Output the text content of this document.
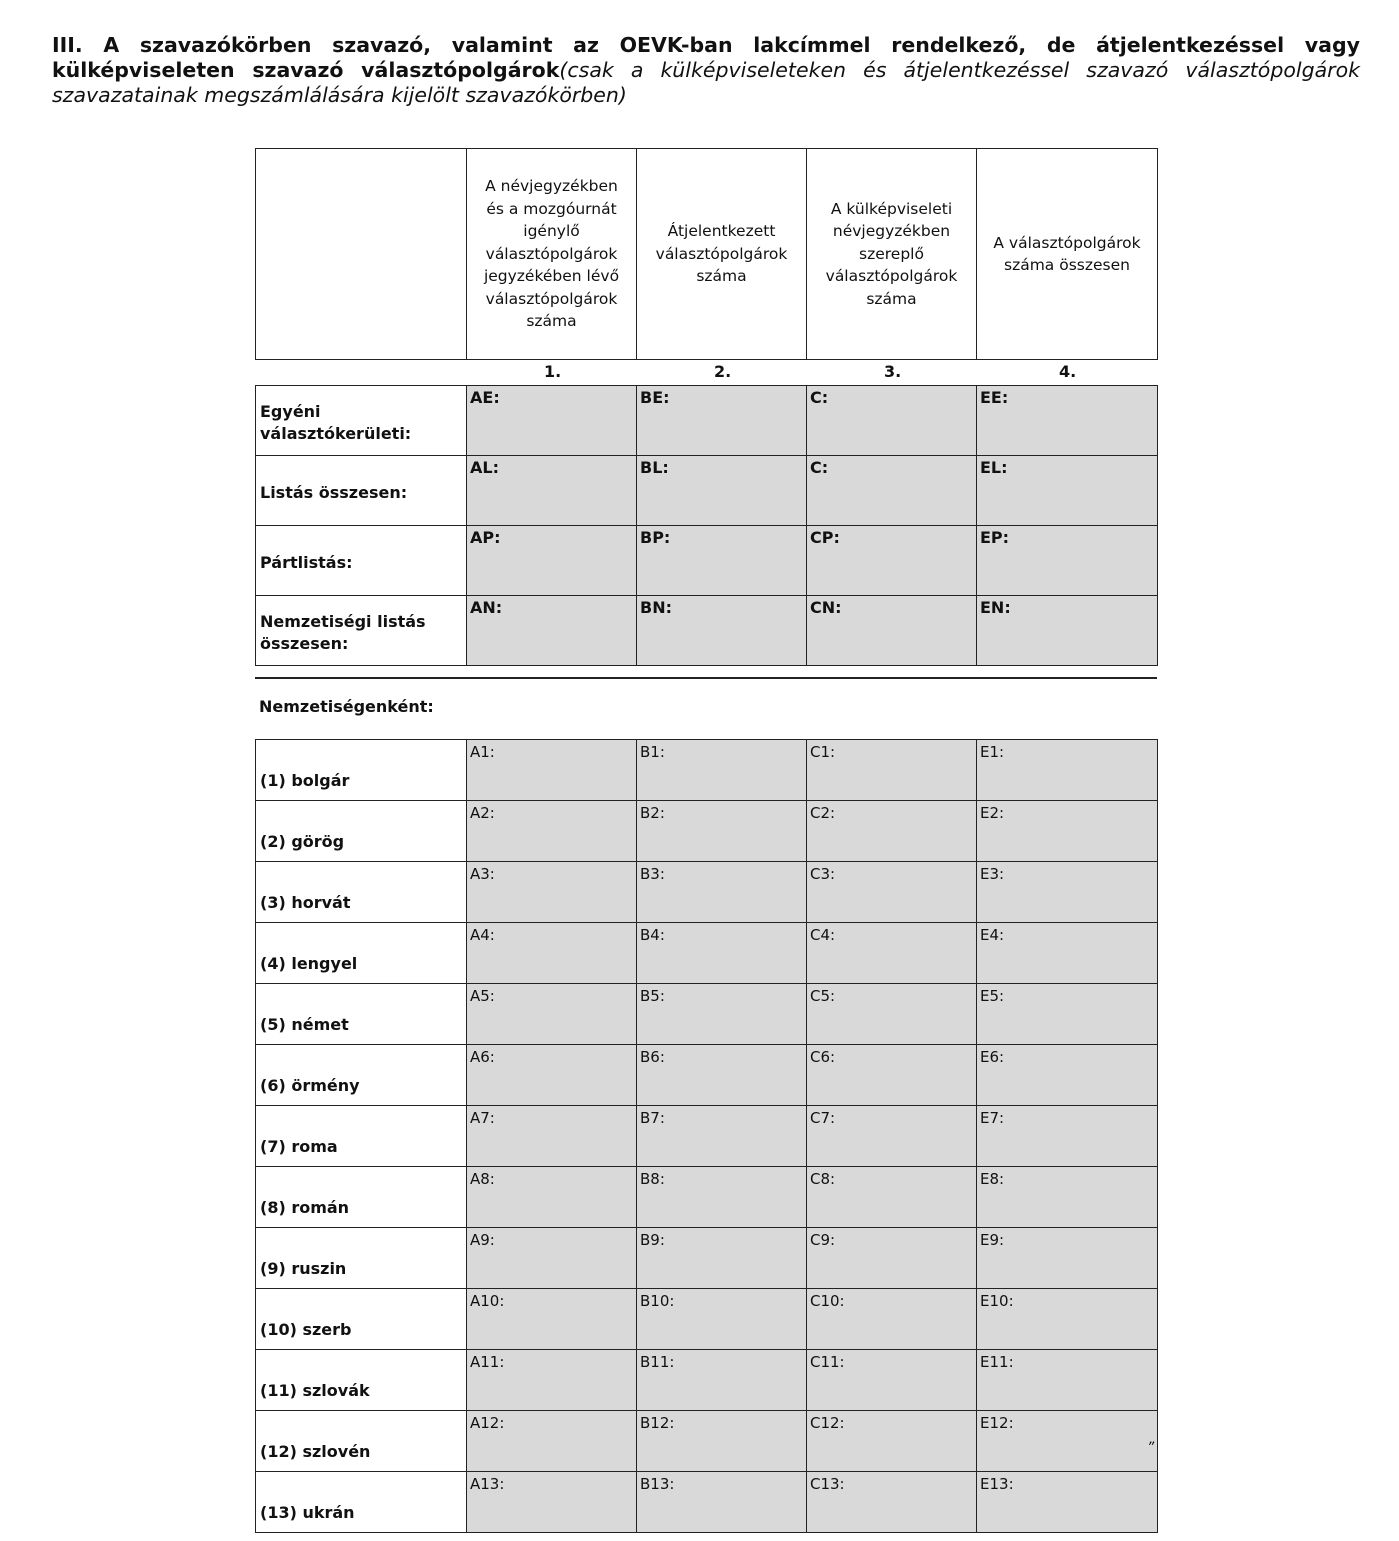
III. A szavazókörben szavazó, valamint az OEVK-ban lakcímmel rendelkező, de átjelentkezéssel vagy külképviseleten szavazó választópolgárok(csak a külképviseleteken és átjelentkezéssel szavazó választópolgárok szavazatainak megszámlálására kijelölt szavazókörben)
	A névjegyzékben és a mozgóurnát igénylő választópolgárok jegyzékében lévő választópolgárok száma	Átjelentkezett választópolgárok száma	A külképviseleti névjegyzékben szereplő választópolgárok száma	A választópolgárok száma összesen
1.	2.	3.	4.
Egyéni választókerületi:	AE:	BE:	C:	EE:
Listás összesen:	AL:	BL:	C:	EL:
Pártlistás:	AP:	BP:	CP:	EP:
Nemzetiségi listás összesen:	AN:	BN:	CN:	EN:
Nemzetiségenként:
(1) bolgár	A1:	B1:	C1:	E1:
(2) görög	A2:	B2:	C2:	E2:
(3) horvát	A3:	B3:	C3:	E3:
(4) lengyel	A4:	B4:	C4:	E4:
(5) német	A5:	B5:	C5:	E5:
(6) örmény	A6:	B6:	C6:	E6:
(7) roma	A7:	B7:	C7:	E7:
(8) román	A8:	B8:	C8:	E8:
(9) ruszin	A9:	B9:	C9:	E9:
(10) szerb	A10:	B10:	C10:	E10:
(11) szlovák	A11:	B11:	C11:	E11:
(12) szlovén	A12:	B12:	C12:	E12:
(13) ukrán	A13:	B13:	C13:	E13:
”
